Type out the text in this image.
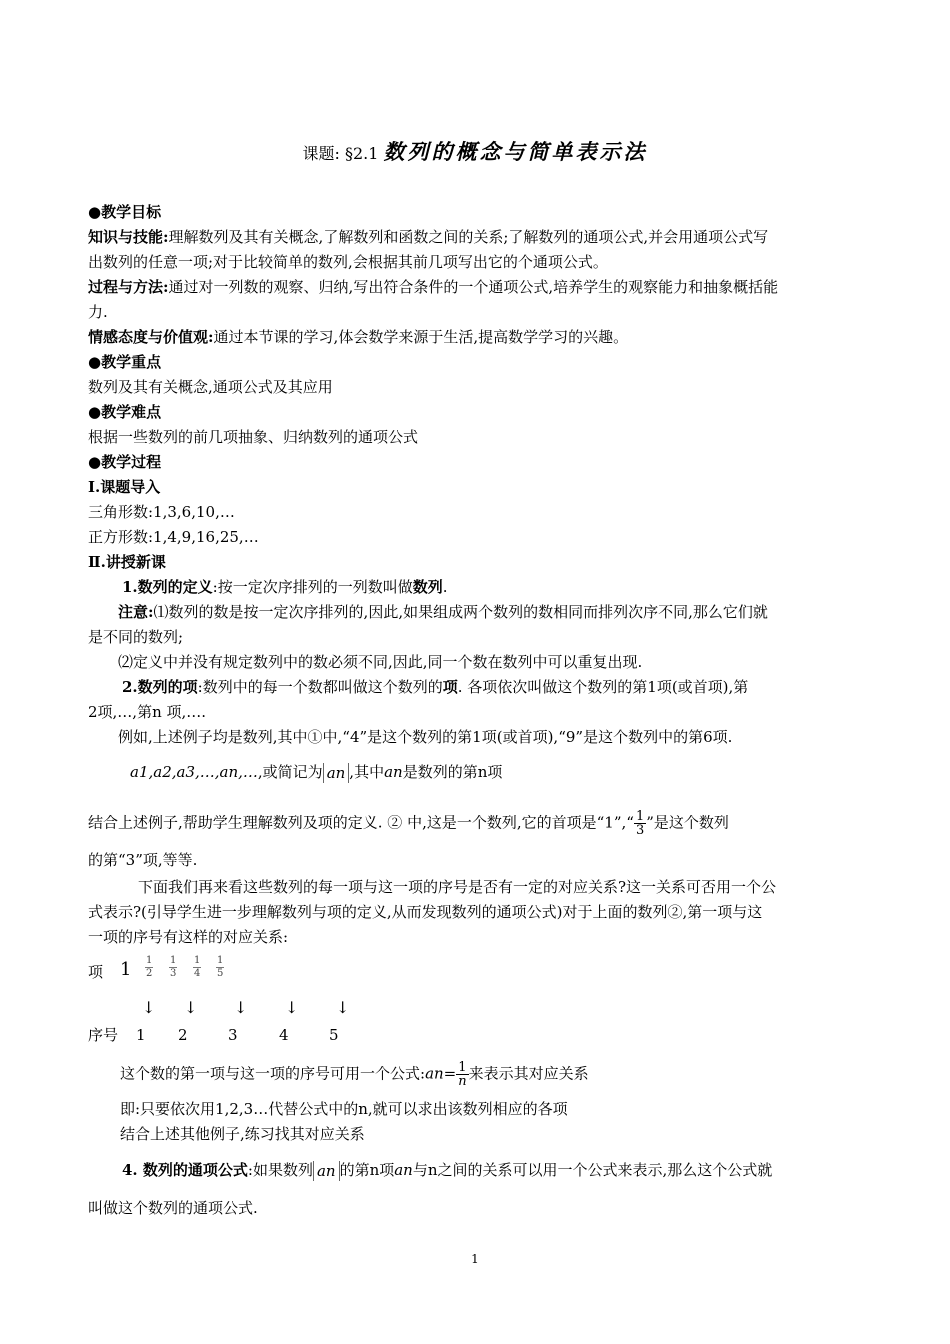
课题: §2.1 数列的概念与简单表示法
●教学目标
知识与技能:理解数列及其有关概念,了解数列和函数之间的关系;了解数列的通项公式,并会用通项公式写
出数列的任意一项;对于比较简单的数列,会根据其前几项写出它的个通项公式。
过程与方法:通过对一列数的观察、归纳,写出符合条件的一个通项公式,培养学生的观察能力和抽象概括能
力.
情感态度与价值观:通过本节课的学习,体会数学来源于生活,提高数学学习的兴趣。
●教学重点
数列及其有关概念,通项公式及其应用
●教学难点
根据一些数列的前几项抽象、归纳数列的通项公式
●教学过程
Ⅰ.课题导入
三角形数:1,3,6,10,…
正方形数:1,4,9,16,25,…
Ⅱ.讲授新课
1.数列的定义:按一定次序排列的一列数叫做数列.
注意:⑴数列的数是按一定次序排列的,因此,如果组成两个数列的数相同而排列次序不同,那么它们就
是不同的数列;
⑵定义中并没有规定数列中的数必须不同,因此,同一个数在数列中可以重复出现.
2.数列的项:数列中的每一个数都叫做这个数列的项. 各项依次叫做这个数列的第1项(或首项),第
2项,…,第n 项,….
例如,上述例子均是数列,其中①中,“4”是这个数列的第1项(或首项),“9”是这个数列中的第6项.
a1,a2,a3,…,an,…,或简记为 an ,其中an是数列的第n项
结合上述例子,帮助学生理解数列及项的定义. ② 中,这是一个数列,它的首项是“1”,“ $\frac{1}{3}$ ”是这个数列
的第“3”项,等等.
下面我们再来看这些数列的每一项与这一项的序号是否有一定的对应关系?这一关系可否用一个公
式表示?(引导学生进一步理解数列与项的定义,从而发现数列的通项公式)对于上面的数列②,第一项与这
一项的序号有这样的对应关系:
项 $1 \frac{1}{2} \frac{1}{3} \frac{1}{4} \frac{1}{5}$
↓ ↓ ↓ ↓ ↓
序号 1 2	3	4	5
这个数的第一项与这一项的序号可用一个公式:an= $\frac{1}{n}$ 来表示其对应关系
即:只要依次用1,2,3…代替公式中的n,就可以求出该数列相应的各项
结合上述其他例子,练习找其对应关系
4. 数列的通项公式:如果数列 an 的第n项an与n之间的关系可以用一个公式来表示,那么这个公式就
叫做这个数列的通项公式.
1
